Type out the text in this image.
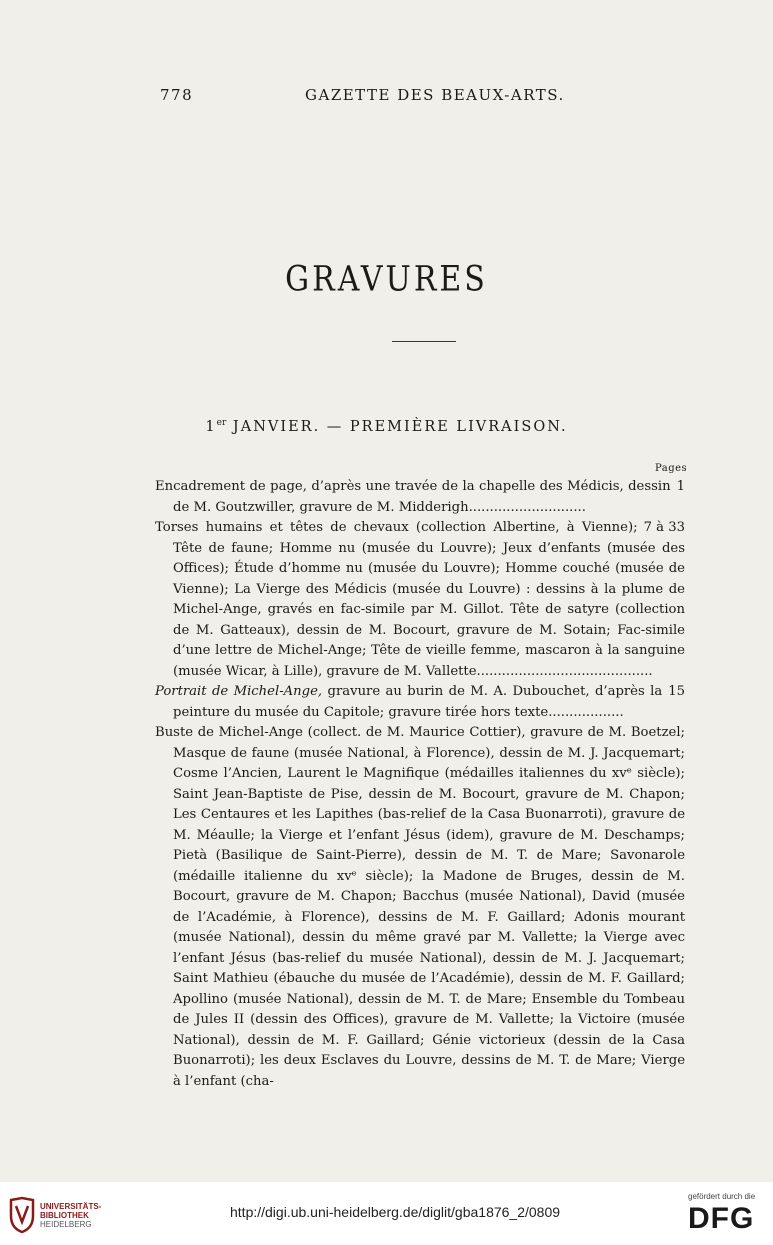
778	GAZETTE DES BEAUX-ARTS.
GRAVURES
1er JANVIER. — PREMIÈRE LIVRAISON.
Pages
1
Encadrement de page, d’après une travée de la chapelle des Médicis, dessin de M. Goutzwiller, gravure de M. Midderigh............................
7 à 33
Torses humains et têtes de chevaux (collection Albertine, à Vienne); Tête de faune; Homme nu (musée du Louvre); Jeux d’enfants (musée des Offices); Étude d’homme nu (musée du Louvre); Homme couché (musée de Vienne); La Vierge des Médicis (musée du Louvre) : dessins à la plume de Michel-Ange, gravés en fac-simile par M. Gillot. Tête de satyre (collection de M. Gatteaux), dessin de M. Bocourt, gravure de M. Sotain; Fac-simile d’une lettre de Michel-Ange; Tête de vieille femme, mascaron à la sanguine (musée Wicar, à Lille), gravure de M. Vallette..........................................
15
Portrait de Michel-Ange, gravure au burin de M. A. Dubouchet, d’après la peinture du musée du Capitole; gravure tirée hors texte..................
Buste de Michel-Ange (collect. de M. Maurice Cottier), gravure de M. Boetzel; Masque de faune (musée National, à Florence), dessin de M. J. Jacquemart; Cosme l’Ancien, Laurent le Magnifique (médailles italiennes du xvᵉ siècle); Saint Jean-Baptiste de Pise, dessin de M. Bocourt, gravure de M. Chapon; Les Centaures et les Lapithes (bas-relief de la Casa Buonarroti), gravure de M. Méaulle; la Vierge et l’enfant Jésus (idem), gravure de M. Deschamps; Pietà (Basilique de Saint-Pierre), dessin de M. T. de Mare; Savonarole (médaille italienne du xvᵉ siècle); la Madone de Bruges, dessin de M. Bocourt, gravure de M. Chapon; Bacchus (musée National), David (musée de l’Académie, à Florence), dessins de M. F. Gaillard; Adonis mourant (musée National), dessin du même gravé par M. Vallette; la Vierge avec l’enfant Jésus (bas-relief du musée National), dessin de M. J. Jacquemart; Saint Mathieu (ébauche du musée de l’Académie), dessin de M. F. Gaillard; Apollino (musée National), dessin de M. T. de Mare; Ensemble du Tombeau de Jules II (dessin des Offices), gravure de M. Vallette; la Victoire (musée National), dessin de M. F. Gaillard; Génie victorieux (dessin de la Casa Buonarroti); les deux Esclaves du Louvre, dessins de M. T. de Mare; Vierge à l’enfant (cha-
UNIVERSITÄTS-
BIBLIOTHEK
HEIDELBERG
http://digi.ub.uni-heidelberg.de/diglit/gba1876_2/0809
gefördert durch die
DFG
